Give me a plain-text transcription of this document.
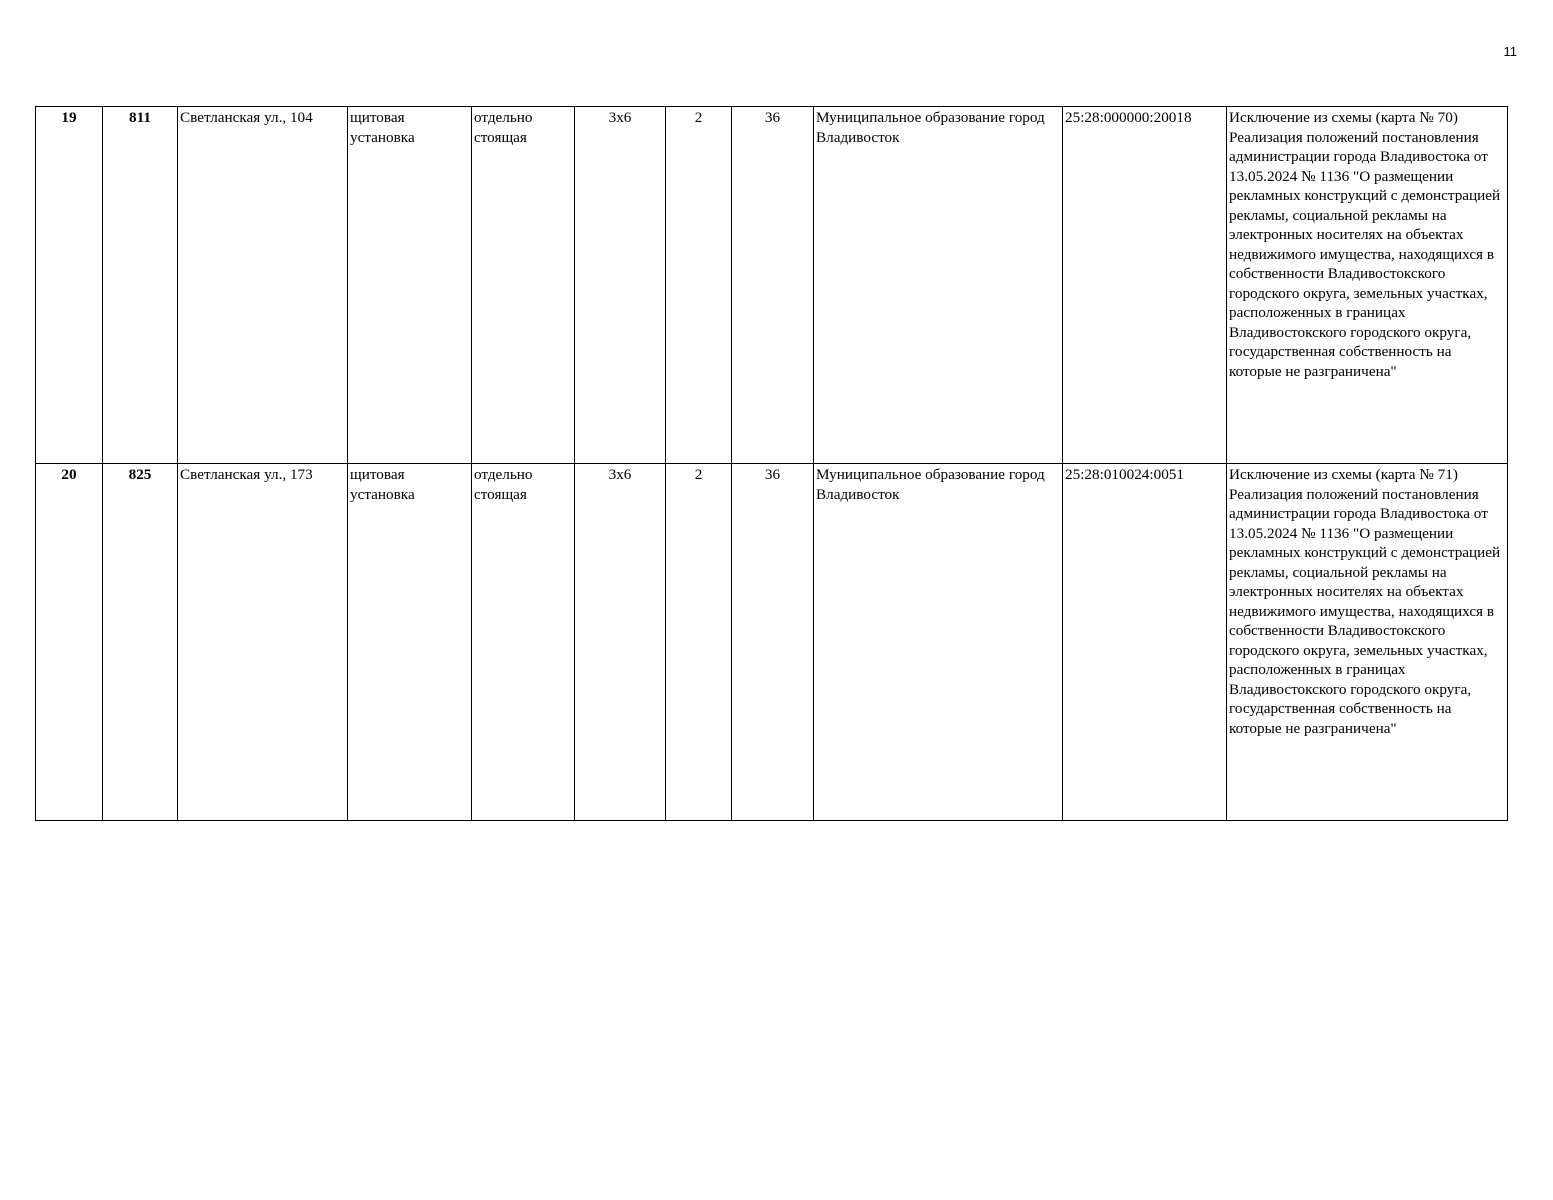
11
19	811	Светланская ул., 104	щитовая установка	отдельно стоящая	3х6	2	36	Муниципальное образование город Владивосток	25:28:000000:20018	Исключение из схемы (карта № 70) Реализация положений постановления администрации города Владивостока от 13.05.2024 № 1136 "О размещении рекламных конструкций с демонстрацией рекламы, социальной рекламы на электронных носителях на объектах недвижимого имущества, находящихся в собственности Владивостокского городского округа, земельных участках, расположенных в границах Владивостокского городского округа, государственная собственность на которые не разграничена"
20	825	Светланская ул., 173	щитовая установка	отдельно стоящая	3х6	2	36	Муниципальное образование город Владивосток	25:28:010024:0051	Исключение из схемы (карта № 71) Реализация положений постановления администрации города Владивостока от 13.05.2024 № 1136 "О размещении рекламных конструкций с демонстрацией рекламы, социальной рекламы на электронных носителях на объектах недвижимого имущества, находящихся в собственности Владивостокского городского округа, земельных участках, расположенных в границах Владивостокского городского округа, государственная собственность на которые не разграничена"
